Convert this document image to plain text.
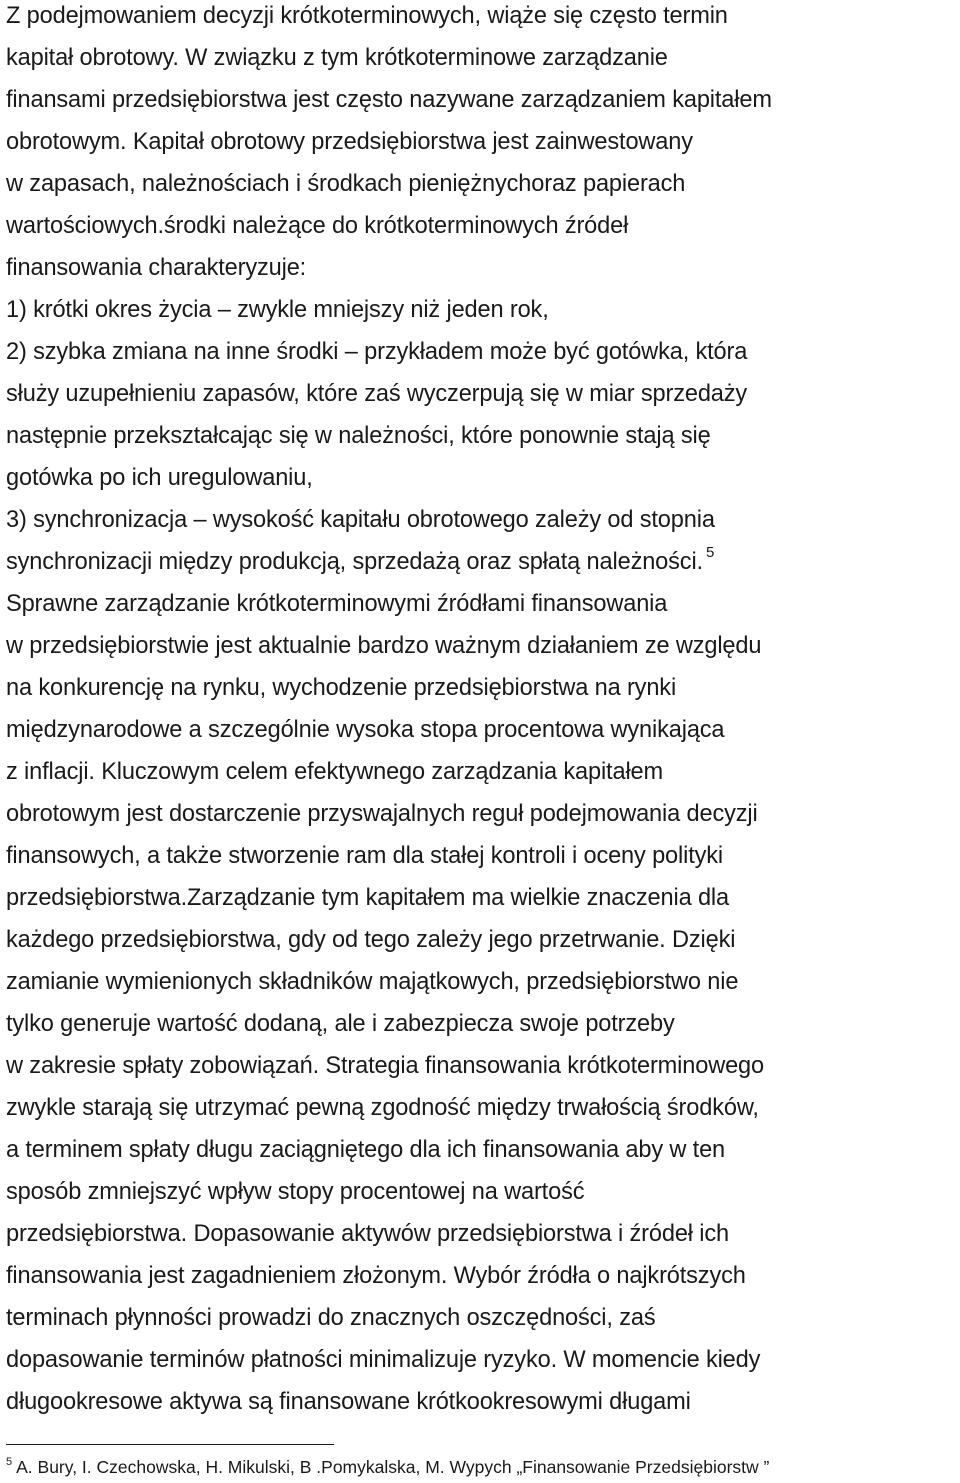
Z podejmowaniem decyzji krótkoterminowych, wiąże się często termin
kapitał obrotowy. W związku z tym krótkoterminowe zarządzanie
finansami przedsiębiorstwa jest często nazywane zarządzaniem kapitałem
obrotowym. Kapitał obrotowy przedsiębiorstwa jest zainwestowany
w zapasach, należnościach i środkach pieniężnychoraz papierach
wartościowych.środki należące do krótkoterminowych źródeł
finansowania charakteryzuje:
1) krótki okres życia – zwykle mniejszy niż jeden rok,
2) szybka zmiana na inne środki – przykładem może być gotówka, która
służy uzupełnieniu zapasów, które zaś wyczerpują się w miar sprzedaży
następnie przekształcając się w należności, które ponownie stają się
gotówka po ich uregulowaniu,
3) synchronizacja – wysokość kapitału obrotowego zależy od stopnia
synchronizacji między produkcją, sprzedażą oraz spłatą należności. $^5$
Sprawne zarządzanie krótkoterminowymi źródłami finansowania
w przedsiębiorstwie jest aktualnie bardzo ważnym działaniem ze względu
na konkurencję na rynku, wychodzenie przedsiębiorstwa na rynki
międzynarodowe a szczególnie wysoka stopa procentowa wynikająca
z inflacji. Kluczowym celem efektywnego zarządzania kapitałem
obrotowym jest dostarczenie przyswajalnych reguł podejmowania decyzji
finansowych, a także stworzenie ram dla stałej kontroli i oceny polityki
przedsiębiorstwa.Zarządzanie tym kapitałem ma wielkie znaczenia dla
każdego przedsiębiorstwa, gdy od tego zależy jego przetrwanie. Dzięki
zamianie wymienionych składników majątkowych, przedsiębiorstwo nie
tylko generuje wartość dodaną, ale i zabezpiecza swoje potrzeby
w zakresie spłaty zobowiązań. Strategia finansowania krótkoterminowego
zwykle starają się utrzymać pewną zgodność między trwałością środków,
a terminem spłaty długu zaciągniętego dla ich finansowania aby w ten
sposób zmniejszyć wpływ stopy procentowej na wartość
przedsiębiorstwa. Dopasowanie aktywów przedsiębiorstwa i źródeł ich
finansowania jest zagadnieniem złożonym. Wybór źródła o najkrótszych
terminach płynności prowadzi do znacznych oszczędności, zaś
dopasowanie terminów płatności minimalizuje ryzyko. W momencie kiedy
długookresowe aktywa są finansowane krótkookresowymi długami
$^5$ A. Bury, I. Czechowska, H. Mikulski, B .Pomykalska, M. Wypych „Finansowanie Przedsiębiorstw ”
